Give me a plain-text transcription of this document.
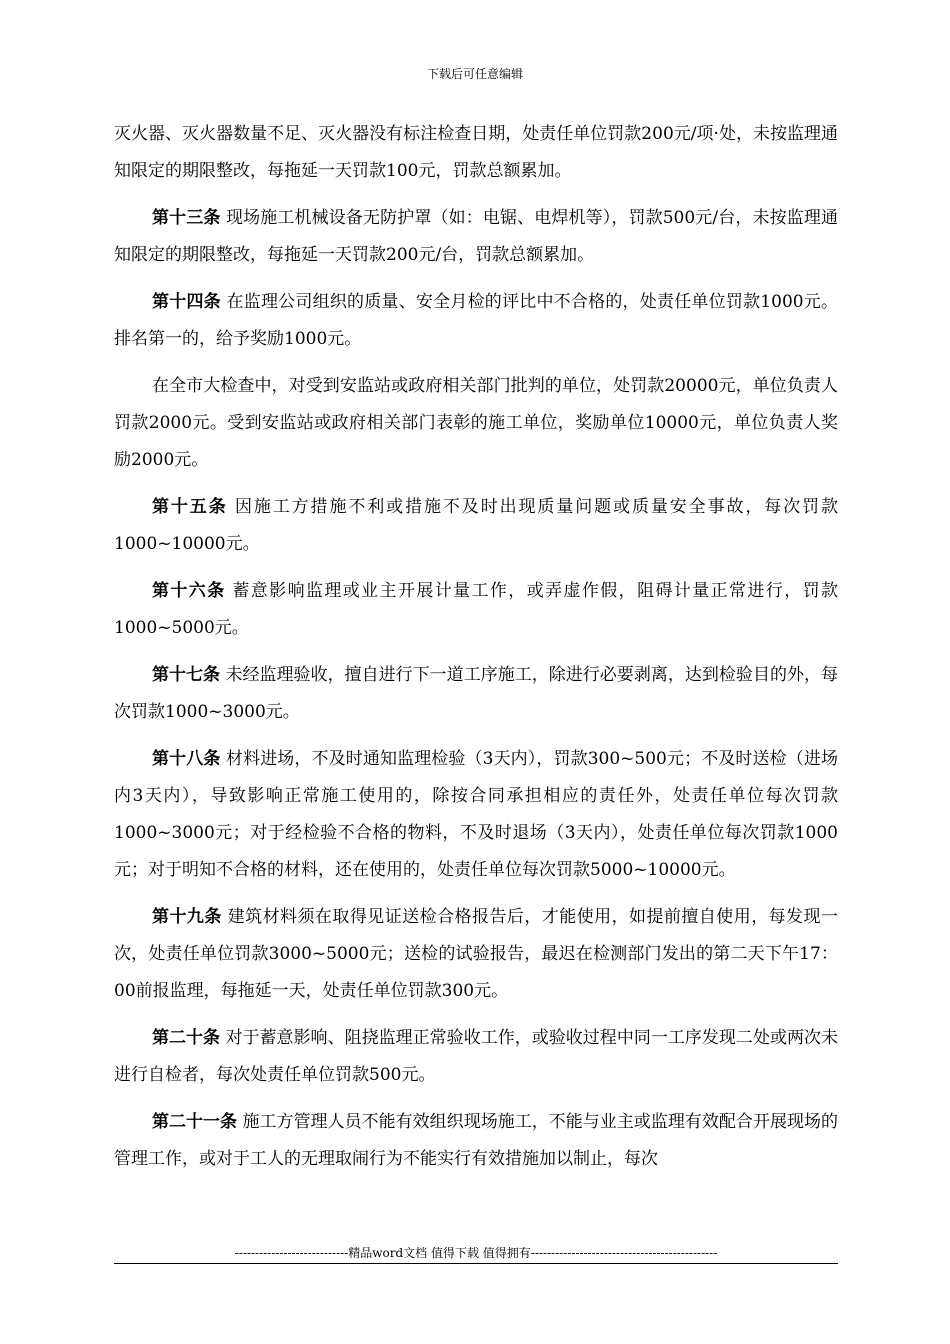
下载后可任意编辑

灭火器、灭火器数量不足、灭火器没有标注检查日期，处责任单位罚款200元/项·处，未按监理通知限定的期限整改，每拖延一天罚款100元，罚款总额累加。

第十三条 现场施工机械设备无防护罩（如：电锯、电焊机等），罚款500元/台，未按监理通知限定的期限整改，每拖延一天罚款200元/台，罚款总额累加。

第十四条 在监理公司组织的质量、安全月检的评比中不合格的，处责任单位罚款1000元。排名第一的，给予奖励1000元。

在全市大检查中，对受到安监站或政府相关部门批判的单位，处罚款20000元，单位负责人罚款2000元。受到安监站或政府相关部门表彰的施工单位，奖励单位10000元，单位负责人奖励2000元。

第十五条 因施工方措施不利或措施不及时出现质量问题或质量安全事故，每次罚款1000~10000元。

第十六条 蓄意影响监理或业主开展计量工作，或弄虚作假，阻碍计量正常进行，罚款1000~5000元。

第十七条 未经监理验收，擅自进行下一道工序施工，除进行必要剥离，达到检验目的外，每次罚款1000~3000元。

第十八条 材料进场，不及时通知监理检验（3天内），罚款300~500元；不及时送检（进场内3天内），导致影响正常施工使用的，除按合同承担相应的责任外，处责任单位每次罚款1000~3000元；对于经检验不合格的物料，不及时退场（3天内），处责任单位每次罚款1000元；对于明知不合格的材料，还在使用的，处责任单位每次罚款5000~10000元。

第十九条 建筑材料须在取得见证送检合格报告后，才能使用，如提前擅自使用，每发现一次，处责任单位罚款3000~5000元；送检的试验报告，最迟在检测部门发出的第二天下午17：00前报监理，每拖延一天，处责任单位罚款300元。

第二十条 对于蓄意影响、阻挠监理正常验收工作，或验收过程中同一工序发现二处或两次未进行自检者，每次处责任单位罚款500元。

第二十一条 施工方管理人员不能有效组织现场施工，不能与业主或监理有效配合开展现场的管理工作，或对于工人的无理取闹行为不能实行有效措施加以制止，每次

----------------------------精品word文档 值得下载 值得拥有----------------------------------------------
